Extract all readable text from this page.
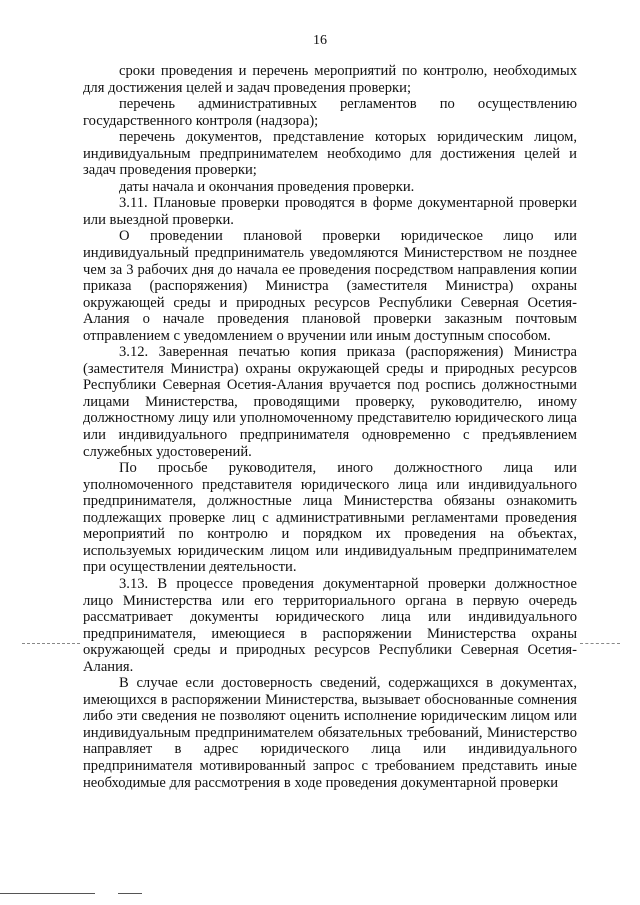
16

сроки проведения и перечень мероприятий по контролю, необходимых для достижения целей и задач проведения проверки;

перечень административных регламентов по осуществлению государственного контроля (надзора);

перечень документов, представление которых юридическим лицом, индивидуальным предпринимателем необходимо для достижения целей и задач проведения проверки;

даты начала и окончания проведения проверки.

3.11. Плановые проверки проводятся в форме документарной проверки или выездной проверки.

О проведении плановой проверки юридическое лицо или индивидуальный предприниматель уведомляются Министерством не позднее чем за 3 рабочих дня до начала ее проведения посредством направления копии приказа (распоряжения) Министра (заместителя Министра) охраны окружающей среды и природных ресурсов Республики Северная Осетия-Алания о начале проведения плановой проверки заказным почтовым отправлением с уведомлением о вручении или иным доступным способом.

3.12. Заверенная печатью копия приказа (распоряжения) Министра (заместителя Министра) охраны окружающей среды и природных ресурсов Республики Северная Осетия-Алания вручается под роспись должностными лицами Министерства, проводящими проверку, руководителю, иному должностному лицу или уполномоченному представителю юридического лица или индивидуального предпринимателя одновременно с предъявлением служебных удостоверений.

По просьбе руководителя, иного должностного лица или уполномоченного представителя юридического лица или индивидуального предпринимателя, должностные лица Министерства обязаны ознакомить подлежащих проверке лиц с административными регламентами проведения мероприятий по контролю и порядком их проведения на объектах, используемых юридическим лицом или индивидуальным предпринимателем при осуществлении деятельности.

3.13. В процессе проведения документарной проверки должностное лицо Министерства или его территориального органа в первую очередь рассматривает документы юридического лица или индивидуального предпринимателя, имеющиеся в распоряжении Министерства охраны окружающей среды и природных ресурсов Республики Северная Осетия-Алания.

В случае если достоверность сведений, содержащихся в документах, имеющихся в распоряжении Министерства, вызывает обоснованные сомнения либо эти сведения не позволяют оценить исполнение юридическим лицом или индивидуальным предпринимателем обязательных требований, Министерство направляет в адрес юридического лица или индивидуального предпринимателя мотивированный запрос с требованием представить иные необходимые для рассмотрения в ходе проведения документарной проверки
